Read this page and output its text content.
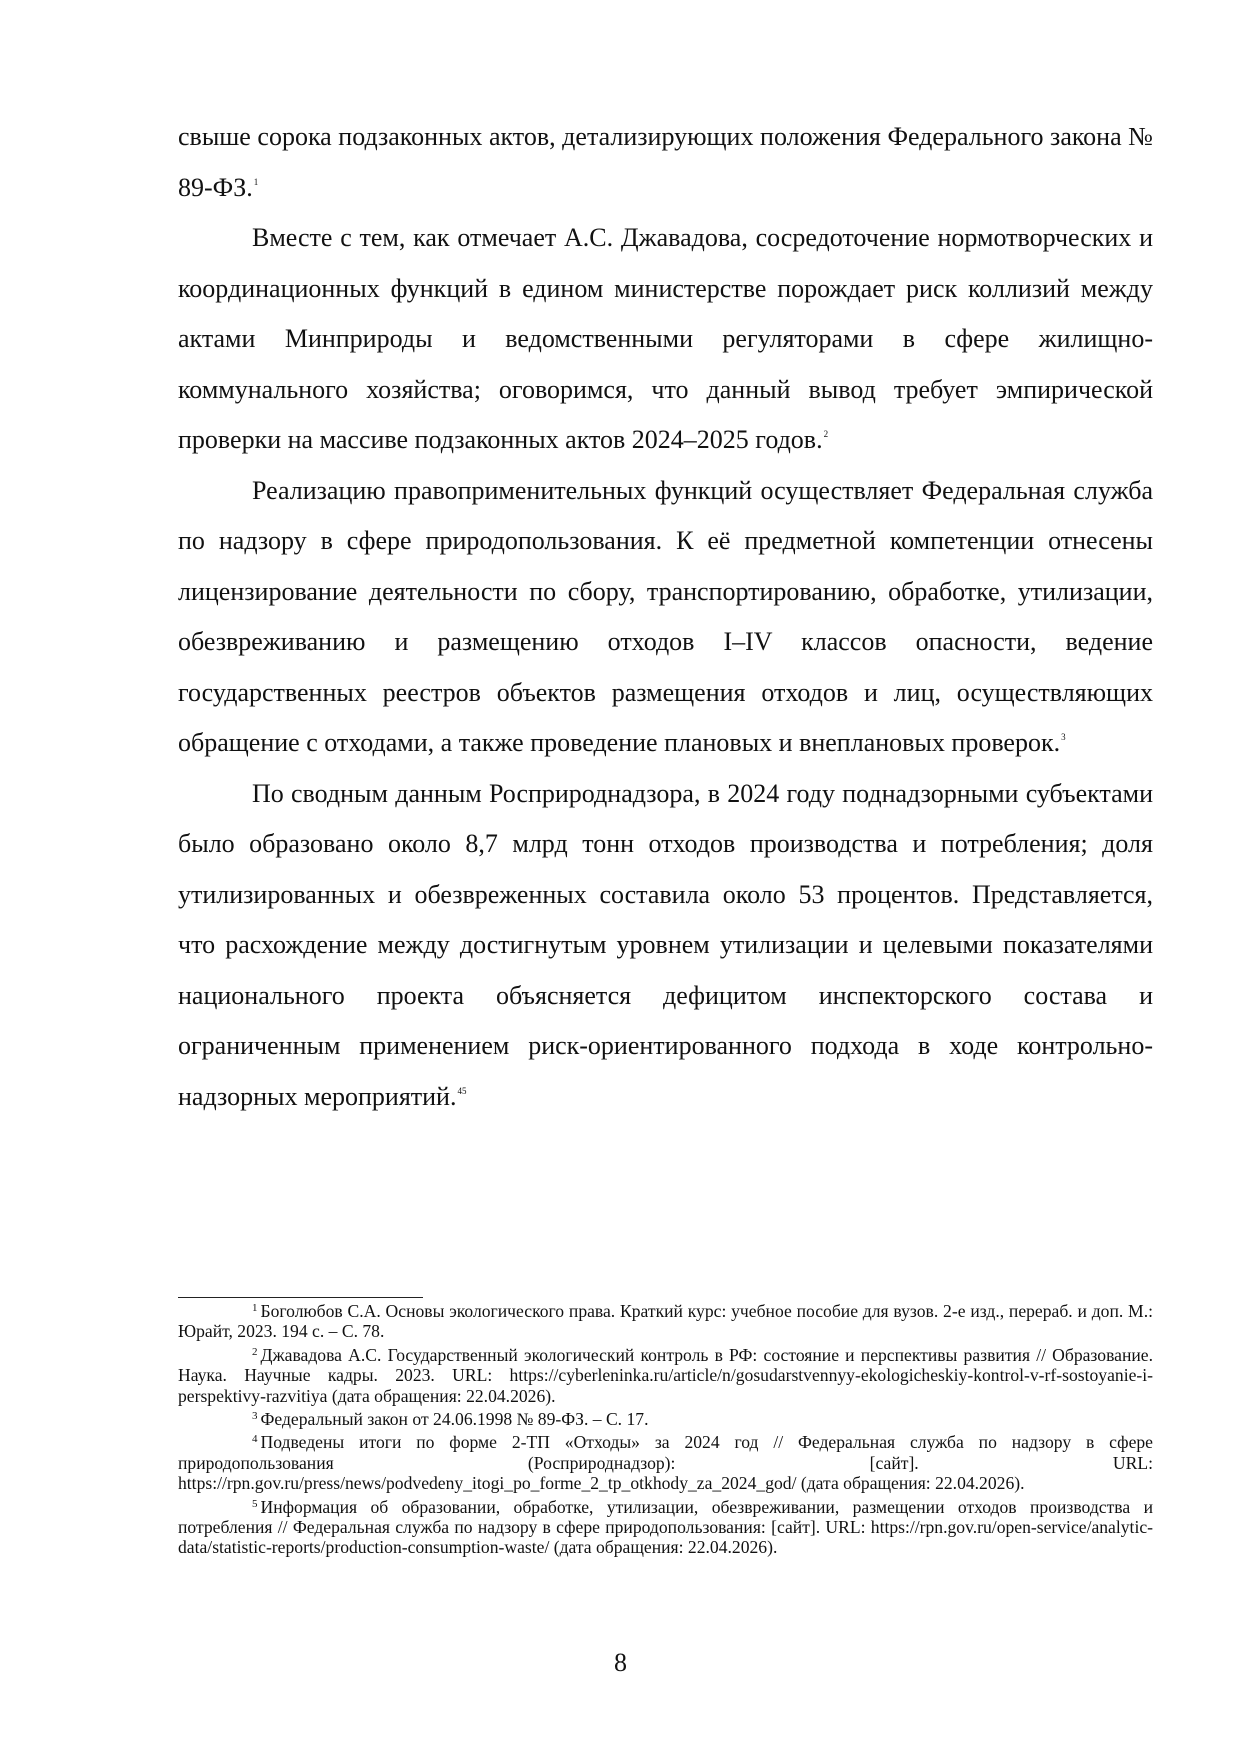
свыше сорока подзаконных актов, детализирующих положения Федерального закона № 89-ФЗ.$^1$

Вместе с тем, как отмечает А.С. Джавадова, сосредоточение нормотворческих и координационных функций в едином министерстве порождает риск коллизий между актами Минприроды и ведомственными регуляторами в сфере жилищно-коммунального хозяйства; оговоримся, что данный вывод требует эмпирической проверки на массиве подзаконных актов 2024–2025 годов.$^2$

Реализацию правоприменительных функций осуществляет Федеральная служба по надзору в сфере природопользования. К её предметной компетенции отнесены лицензирование деятельности по сбору, транспортированию, обработке, утилизации, обезвреживанию и размещению отходов I–IV классов опасности, ведение государственных реестров объектов размещения отходов и лиц, осуществляющих обращение с отходами, а также проведение плановых и внеплановых проверок.$^3$

По сводным данным Росприроднадзора, в 2024 году поднадзорными субъектами было образовано около 8,7 млрд тонн отходов производства и потребления; доля утилизированных и обезвреженных составила около 53 процентов. Представляется, что расхождение между достигнутым уровнем утилизации и целевыми показателями национального проекта объясняется дефицитом инспекторского состава и ограниченным применением риск-ориентированного подхода в ходе контрольно-надзорных мероприятий.$^{45}$

$^1$ Боголюбов С.А. Основы экологического права. Краткий курс: учебное пособие для вузов. 2-е изд., перераб. и доп. М.: Юрайт, 2023. 194 с. – С. 78.

$^2$ Джавадова А.С. Государственный экологический контроль в РФ: состояние и перспективы развития // Образование. Наука. Научные кадры. 2023. URL: https://cyberleninka.ru/article/n/gosudarstvennyy-ekologicheskiy-kontrol-v-rf-sostoyanie-i-perspektivy-razvitiya (дата обращения: 22.04.2026).

$^3$ Федеральный закон от 24.06.1998 № 89-ФЗ. – С. 17.

$^4$ Подведены итоги по форме 2-ТП «Отходы» за 2024 год // Федеральная служба по надзору в сфере природопользования (Росприроднадзор): [сайт]. URL: https://rpn.gov.ru/press/news/podvedeny_itogi_po_forme_2_tp_otkhody_za_2024_god/ (дата обращения: 22.04.2026).

$^5$ Информация об образовании, обработке, утилизации, обезвреживании, размещении отходов производства и потребления // Федеральная служба по надзору в сфере природопользования: [сайт]. URL: https://rpn.gov.ru/open-service/analytic-data/statistic-reports/production-consumption-waste/ (дата обращения: 22.04.2026).

8
